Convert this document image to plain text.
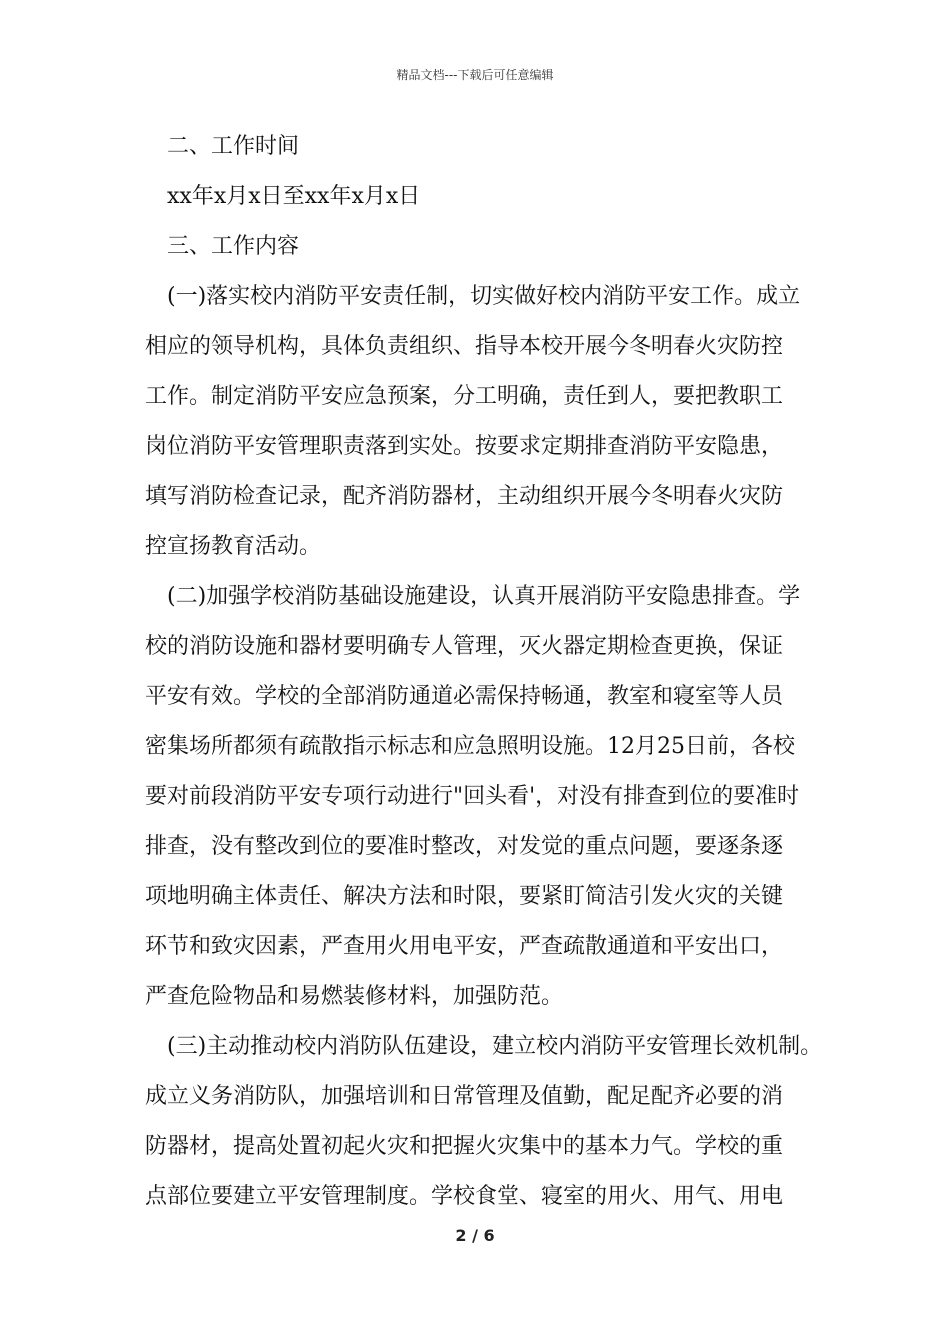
精品文档---下载后可任意编辑
二、工作时间
xx年x月x日至xx年x月x日
三、工作内容
(一)落实校内消防平安责任制，切实做好校内消防平安工作。成立
相应的领导机构，具体负责组织、指导本校开展今冬明春火灾防控
工作。制定消防平安应急预案，分工明确，责任到人，要把教职工
岗位消防平安管理职责落到实处。按要求定期排查消防平安隐患，
填写消防检查记录，配齐消防器材，主动组织开展今冬明春火灾防
控宣扬教育活动。
(二)加强学校消防基础设施建设，认真开展消防平安隐患排查。学
校的消防设施和器材要明确专人管理，灭火器定期检查更换，保证
平安有效。学校的全部消防通道必需保持畅通，教室和寝室等人员
密集场所都须有疏散指示标志和应急照明设施。12月25日前，各校
要对前段消防平安专项行动进行"回头看'，对没有排查到位的要准时
排查，没有整改到位的要准时整改，对发觉的重点问题，要逐条逐
项地明确主体责任、解决方法和时限，要紧盯简洁引发火灾的关键
环节和致灾因素，严查用火用电平安，严查疏散通道和平安出口，
严查危险物品和易燃装修材料，加强防范。
(三)主动推动校内消防队伍建设，建立校内消防平安管理长效机制。
成立义务消防队，加强培训和日常管理及值勤，配足配齐必要的消
防器材，提高处置初起火灾和把握火灾集中的基本力气。学校的重
点部位要建立平安管理制度。学校食堂、寝室的用火、用气、用电
2 / 6
